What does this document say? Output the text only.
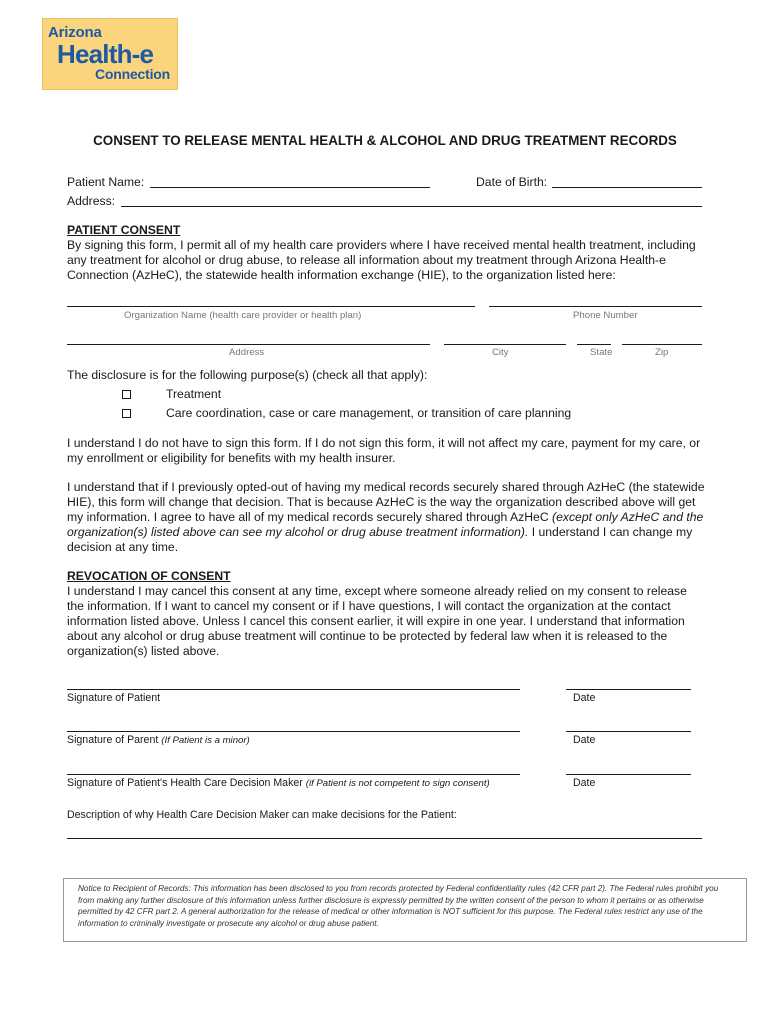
Arizona
Health-e
Connection
CONSENT TO RELEASE MENTAL HEALTH & ALCOHOL AND DRUG TREATMENT RECORDS
Patient Name:	Date of Birth:
Address:
PATIENT CONSENT
By signing this form, I permit all of my health care providers where I have received mental health treatment, including any treatment for alcohol or drug abuse, to release all information about my treatment through Arizona Health-e Connection (AzHeC), the statewide health information exchange (HIE), to the organization listed here:
Organization Name (health care provider or health plan)	Phone Number
Address	City	State	Zip
The disclosure is for the following purpose(s) (check all that apply):
Treatment
Care coordination, case or care management, or transition of care planning
I understand I do not have to sign this form. If I do not sign this form, it will not affect my care, payment for my care, or my enrollment or eligibility for benefits with my health insurer.
I understand that if I previously opted-out of having my medical records securely shared through AzHeC (the statewide HIE), this form will change that decision. That is because AzHeC is the way the organization described above will get my information. I agree to have all of my medical records securely shared through AzHeC (except only AzHeC and the organization(s) listed above can see my alcohol or drug abuse treatment information). I understand I can change my decision at any time.
REVOCATION OF CONSENT
I understand I may cancel this consent at any time, except where someone already relied on my consent to release the information. If I want to cancel my consent or if I have questions, I will contact the organization at the contact information listed above. Unless I cancel this consent earlier, it will expire in one year. I understand that information about any alcohol or drug abuse treatment will continue to be protected by federal law when it is released to the organization(s) listed above.
Signature of Patient	Date
Signature of Parent (If Patient is a minor)	Date
Signature of Patient's Health Care Decision Maker (if Patient is not competent to sign consent)	Date
Description of why Health Care Decision Maker can make decisions for the Patient:
Notice to Recipient of Records: This information has been disclosed to you from records protected by Federal confidentiality rules (42 CFR part 2). The Federal rules prohibit you from making any further disclosure of this information unless further disclosure is expressly permitted by the written consent of the person to whom it pertains or as otherwise permitted by 42 CFR part 2. A general authorization for the release of medical or other information is NOT sufficient for this purpose. The Federal rules restrict any use of the information to criminally investigate or prosecute any alcohol or drug abuse patient.
